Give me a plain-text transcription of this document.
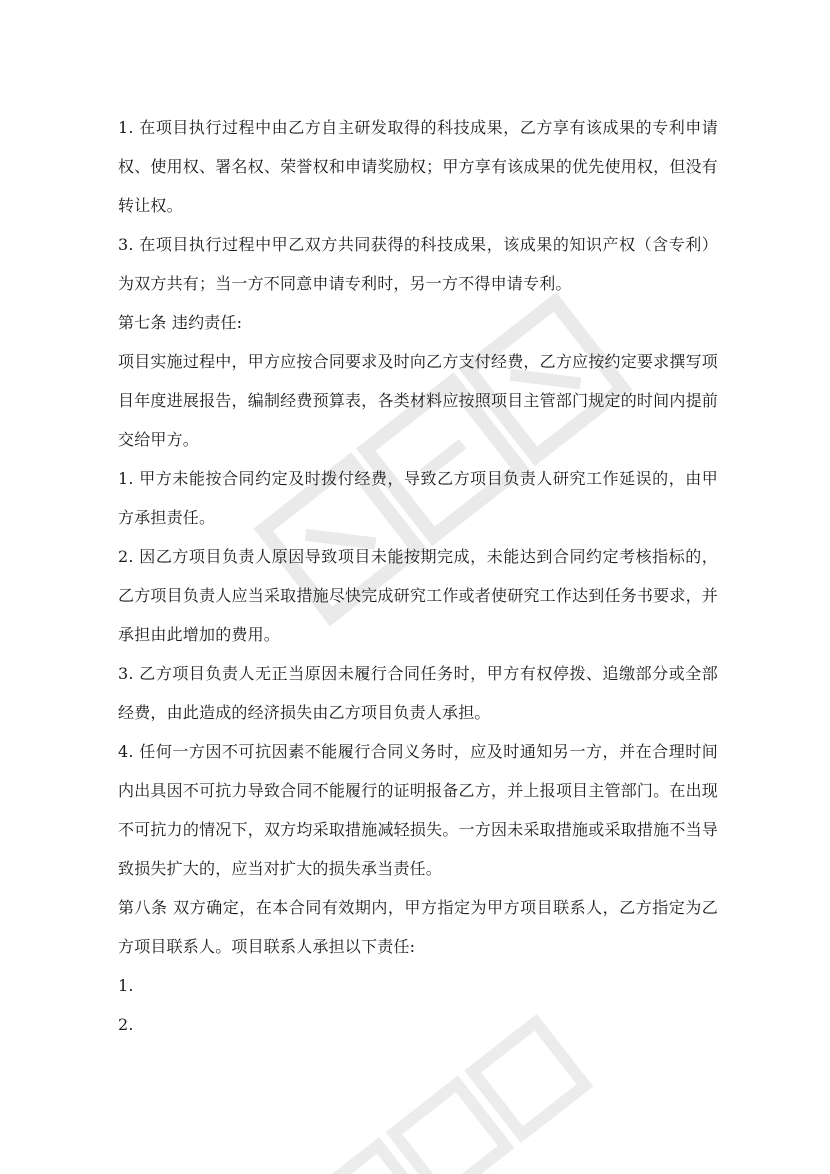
1. 在项目执行过程中由乙方自主研发取得的科技成果，乙方享有该成果的专利申请权、使用权、署名权、荣誉权和申请奖励权；甲方享有该成果的优先使用权，但没有转让权。

3. 在项目执行过程中甲乙双方共同获得的科技成果，该成果的知识产权（含专利）为双方共有；当一方不同意申请专利时，另一方不得申请专利。

第七条 违约责任:

项目实施过程中，甲方应按合同要求及时向乙方支付经费，乙方应按约定要求撰写项目年度进展报告，编制经费预算表，各类材料应按照项目主管部门规定的时间内提前交给甲方。

1. 甲方未能按合同约定及时拨付经费，导致乙方项目负责人研究工作延误的，由甲方承担责任。

2. 因乙方项目负责人原因导致项目未能按期完成，未能达到合同约定考核指标的，乙方项目负责人应当采取措施尽快完成研究工作或者使研究工作达到任务书要求，并承担由此增加的费用。

3. 乙方项目负责人无正当原因未履行合同任务时，甲方有权停拨、追缴部分或全部经费，由此造成的经济损失由乙方项目负责人承担。

4. 任何一方因不可抗因素不能履行合同义务时，应及时通知另一方，并在合理时间内出具因不可抗力导致合同不能履行的证明报备乙方，并上报项目主管部门。在出现不可抗力的情况下，双方均采取措施减轻损失。一方因未采取措施或采取措施不当导致损失扩大的，应当对扩大的损失承当责任。

第八条 双方确定，在本合同有效期内，甲方指定为甲方项目联系人，乙方指定为乙方项目联系人。项目联系人承担以下责任:

1.

2.
